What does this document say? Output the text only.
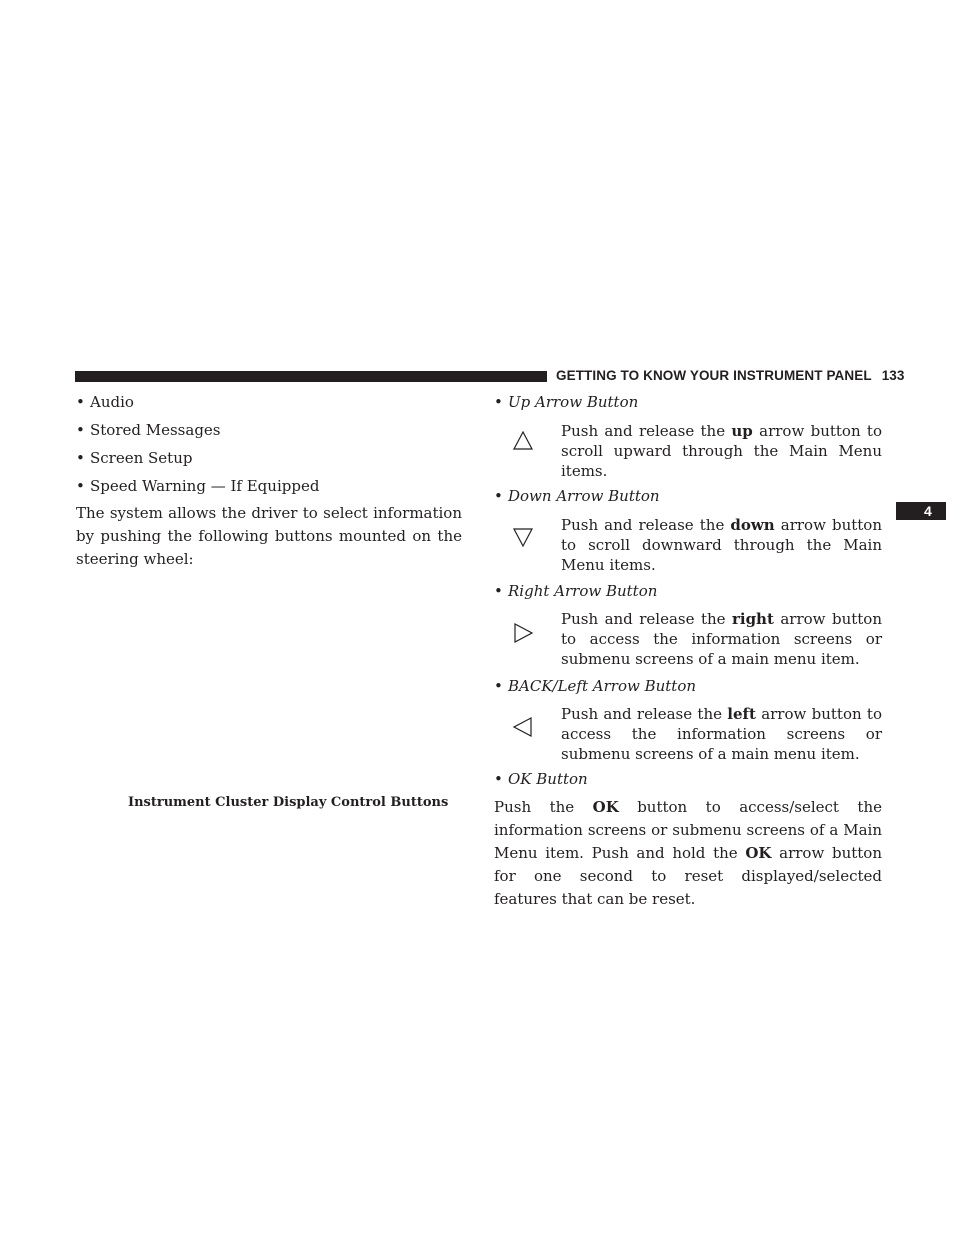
GETTING TO KNOW YOUR INSTRUMENT PANEL 133
4
• Audio
• Stored Messages
• Screen Setup
• Speed Warning — If Equipped
The system allows the driver to select information by pushing the following buttons mounted on the steering wheel:
Instrument Cluster Display Control Buttons
• Up Arrow Button
Push and release the up arrow button to scroll upward through the Main Menu items.
• Down Arrow Button
Push and release the down arrow button to scroll downward through the Main Menu items.
• Right Arrow Button
Push and release the right arrow button to access the information screens or submenu screens of a main menu item.
• BACK/Left Arrow Button
Push and release the left arrow button to access the information screens or submenu screens of a main menu item.
• OK Button
Push the OK button to access/select the information screens or submenu screens of a Main Menu item. Push and hold the OK arrow button for one second to reset displayed/selected features that can be reset.
